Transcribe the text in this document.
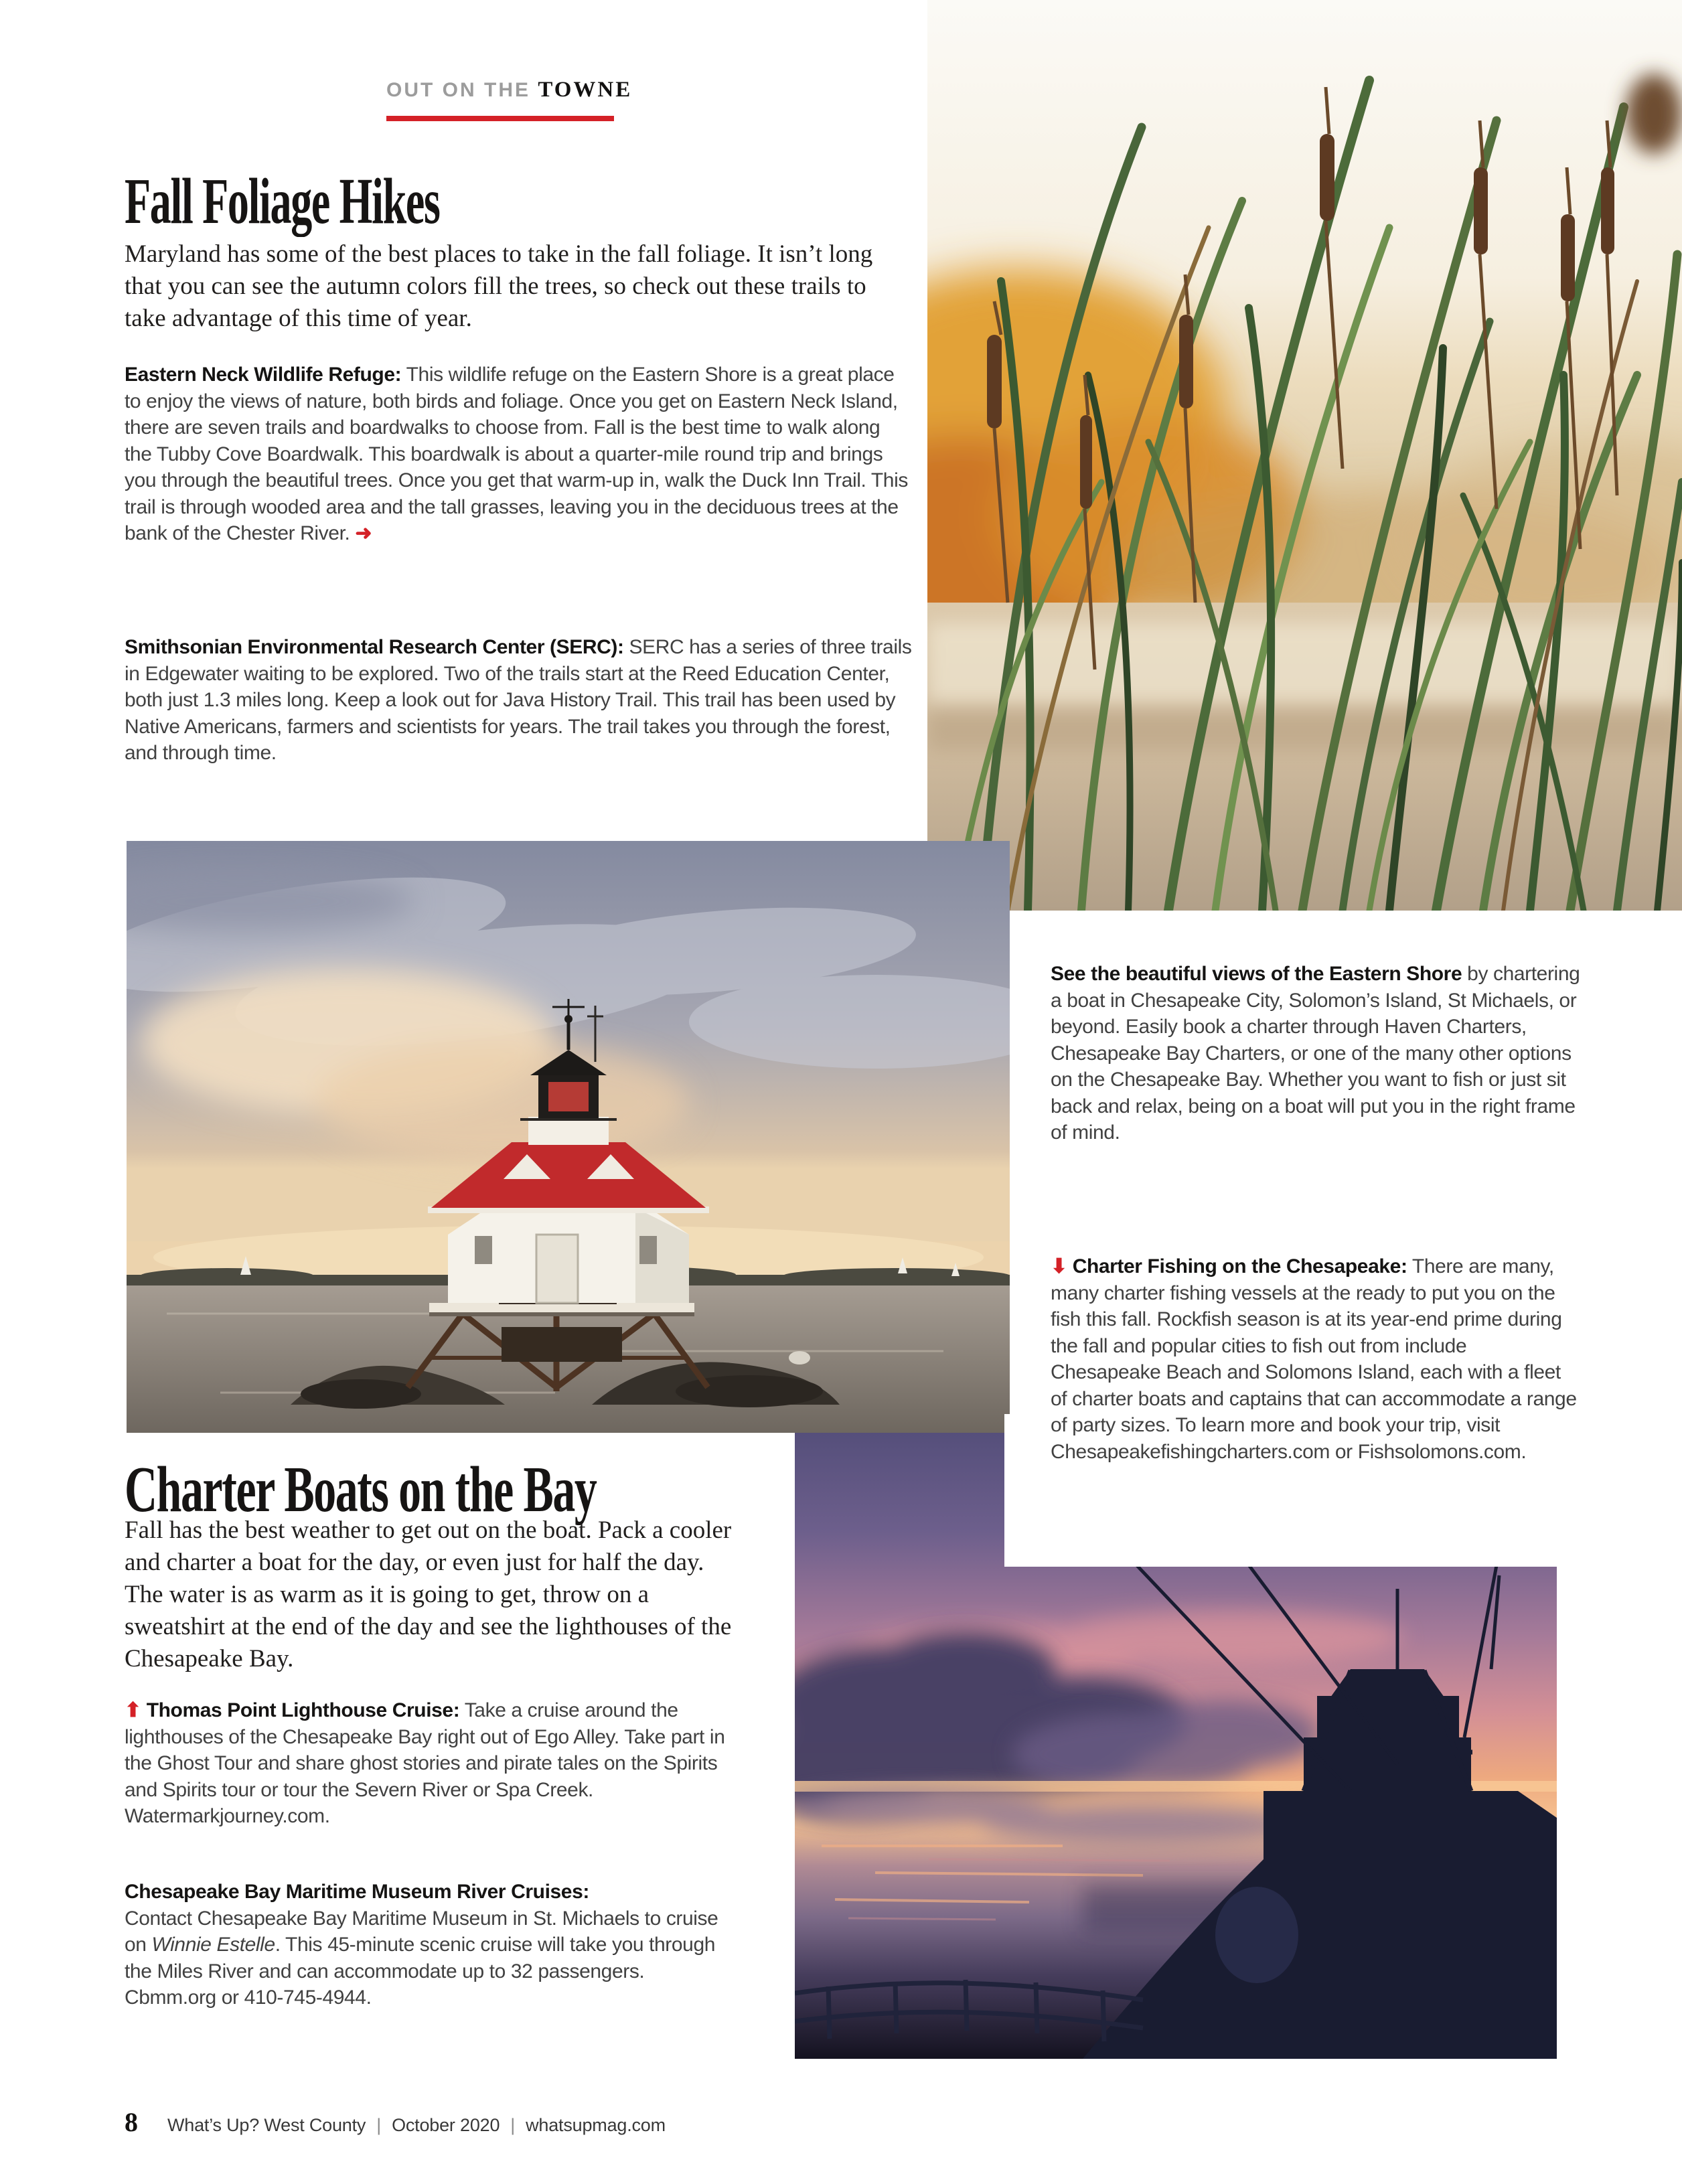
OUT ON THE TOWNE
Fall Foliage Hikes
Maryland has some of the best places to take in the fall foliage. It isn’t long that you can see the autumn colors fill the trees, so check out these trails to take advantage of this time of year.
Eastern Neck Wildlife Refuge: This wildlife refuge on the Eastern Shore is a great place to enjoy the views of nature, both birds and foliage. Once you get on Eastern Neck Island, there are seven trails and boardwalks to choose from. Fall is the best time to walk along the Tubby Cove Boardwalk. This boardwalk is about a quarter-mile round trip and brings you through the beautiful trees. Once you get that warm-up in, walk the Duck Inn Trail. This trail is through wooded area and the tall grasses, leaving you in the deciduous trees at the bank of the Chester River. ➜
Smithsonian Environmental Research Center (SERC): SERC has a series of three trails in Edgewater waiting to be explored. Two of the trails start at the Reed Education Center, both just 1.3 miles long. Keep a look out for Java History Trail. This trail has been used by Native Americans, farmers and scientists for years. The trail takes you through the forest, and through time.
See the beautiful views of the Eastern Shore by chartering a boat in Chesapeake City, Solomon’s Island, St Michaels, or beyond. Easily book a charter through Haven Charters, Chesapeake Bay Charters, or one of the many other options on the Chesapeake Bay. Whether you want to fish or just sit back and relax, being on a boat will put you in the right frame of mind.
⬇ Charter Fishing on the Chesapeake: There are many, many charter fishing vessels at the ready to put you on the fish this fall. Rockfish season is at its year-end prime during the fall and popular cities to fish out from include Chesapeake Beach and Solomons Island, each with a fleet of charter boats and captains that can accommodate a range of party sizes. To learn more and book your trip, visit Chesapeakefishingcharters.com or Fishsolomons.com.
Charter Boats on the Bay
Fall has the best weather to get out on the boat. Pack a cooler and charter a boat for the day, or even just for half the day. The water is as warm as it is going to get, throw on a sweatshirt at the end of the day and see the lighthouses of the Chesapeake Bay.
⬆ Thomas Point Lighthouse Cruise: Take a cruise around the lighthouses of the Chesapeake Bay right out of Ego Alley. Take part in the Ghost Tour and share ghost stories and pirate tales on the Spirits and Spirits tour or tour the Severn River or Spa Creek. Watermarkjourney.com.
Chesapeake Bay Maritime Museum River Cruises:
Contact Chesapeake Bay Maritime Museum in St. Michaels to cruise on Winnie Estelle. This 45-minute scenic cruise will take you through the Miles River and can accommodate up to 32 passengers. Cbmm.org or 410-745-4944.
8 What’s Up? West County | October 2020 | whatsupmag.com
